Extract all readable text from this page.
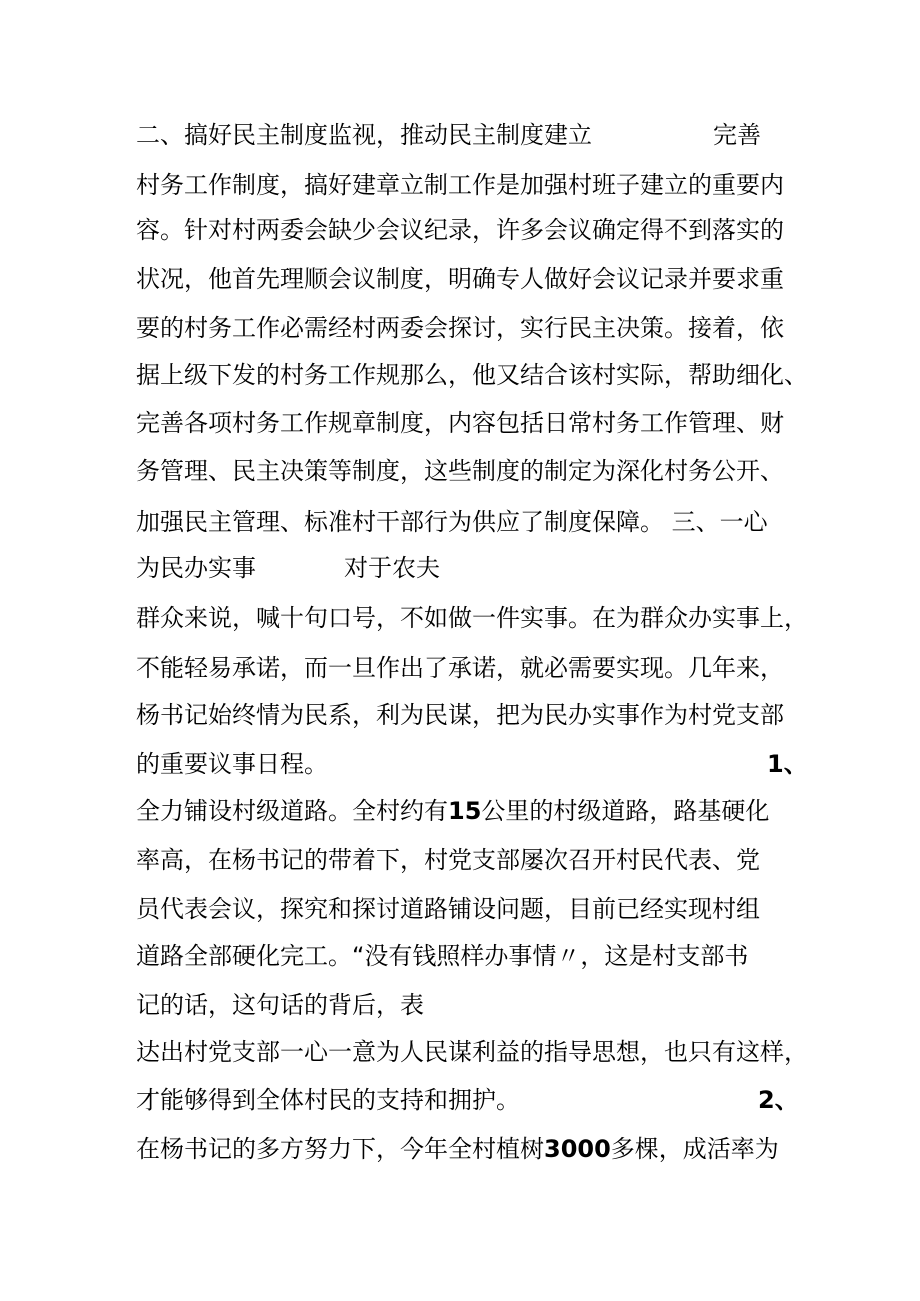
二、搞好民主制度监视，推动民主制度建立	完善
村务工作制度，搞好建章立制工作是加强村班子建立的重要内
容。针对村两委会缺少会议纪录，许多会议确定得不到落实的
状况，他首先理顺会议制度，明确专人做好会议记录并要求重
要的村务工作必需经村两委会探讨，实行民主决策。接着，依
据上级下发的村务工作规那么，他又结合该村实际，帮助细化、
完善各项村务工作规章制度，内容包括日常村务工作管理、财
务管理、民主决策等制度，这些制度的制定为深化村务公开、
加强民主管理、标准村干部行为供应了制度保障。 三、一心
为民办实事	对于农夫
群众来说，喊十句口号，不如做一件实事。在为群众办实事上，
不能轻易承诺，而一旦作出了承诺，就必需要实现。几年来，
杨书记始终情为民系，利为民谋，把为民办实事作为村党支部
的重要议事日程。	1、
全力铺设村级道路。全村约有15公里的村级道路，路基硬化
率高，在杨书记的带着下，村党支部屡次召开村民代表、党
员代表会议，探究和探讨道路铺设问题，目前已经实现村组
道路全部硬化完工。“没有钱照样办事情〃，这是村支部书
记的话，这句话的背后，表
达出村党支部一心一意为人民谋利益的指导思想，也只有这样，
才能够得到全体村民的支持和拥护。	2、
在杨书记的多方努力下，今年全村植树3000多棵，成活率为
